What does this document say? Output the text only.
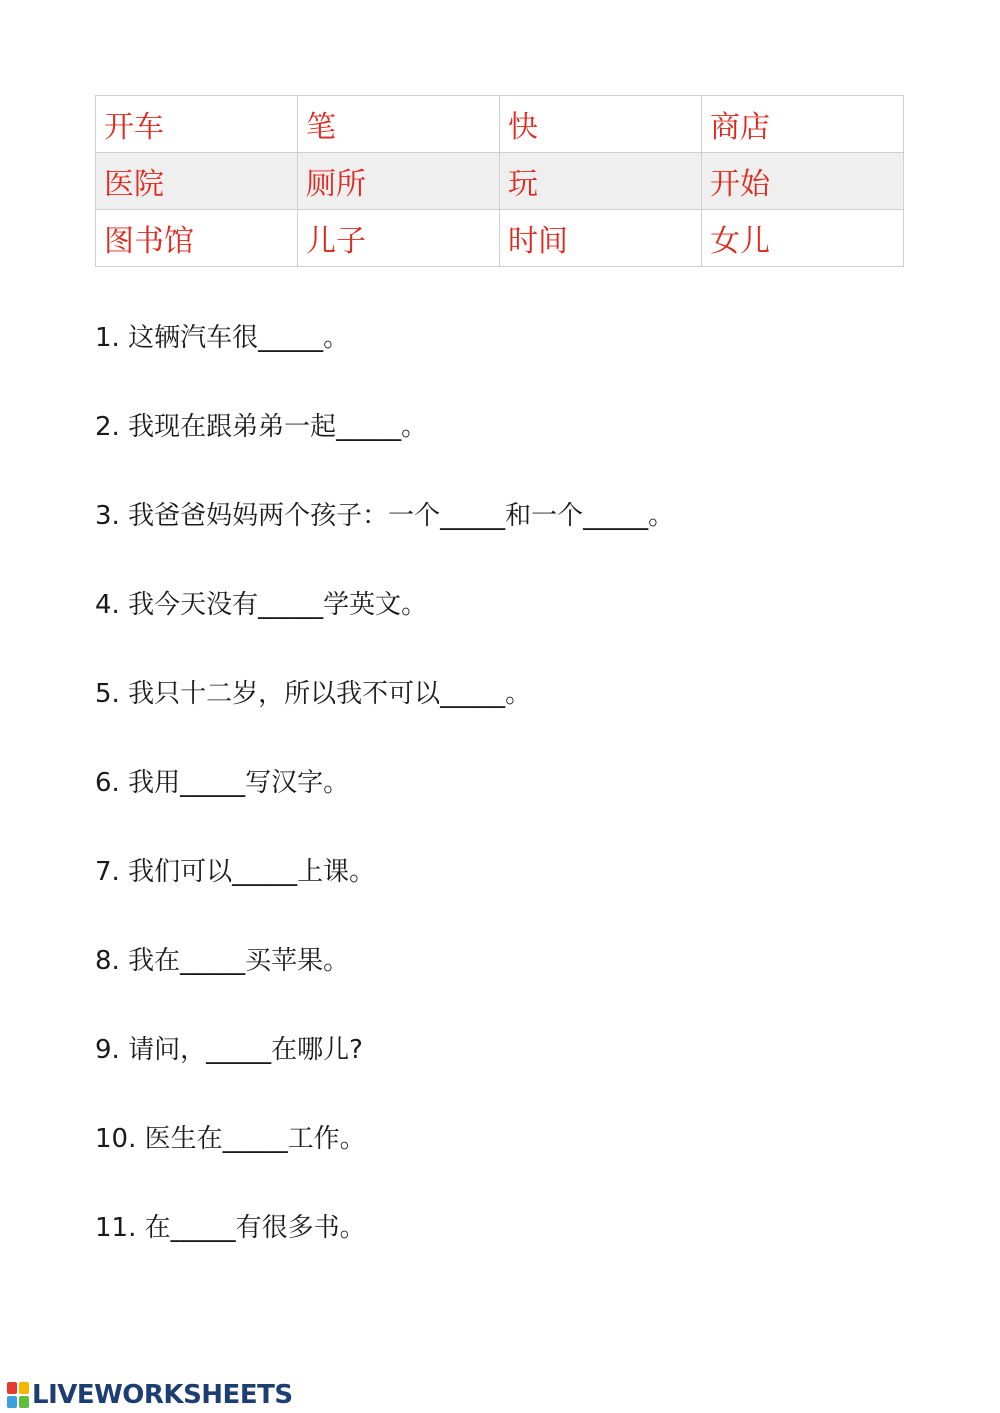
开车	笔	快	商店
医院	厕所	玩	开始
图书馆	儿子	时间	女儿
1. 这辆汽车很_____。
2. 我现在跟弟弟一起_____。
3. 我爸爸妈妈两个孩子：一个_____和一个_____。
4. 我今天没有_____学英文。
5. 我只十二岁，所以我不可以_____。
6. 我用_____写汉字。
7. 我们可以_____上课。
8. 我在_____买苹果。
9. 请问，_____在哪儿?
10. 医生在_____工作。
11. 在_____有很多书。
LIVEWORKSHEETS
